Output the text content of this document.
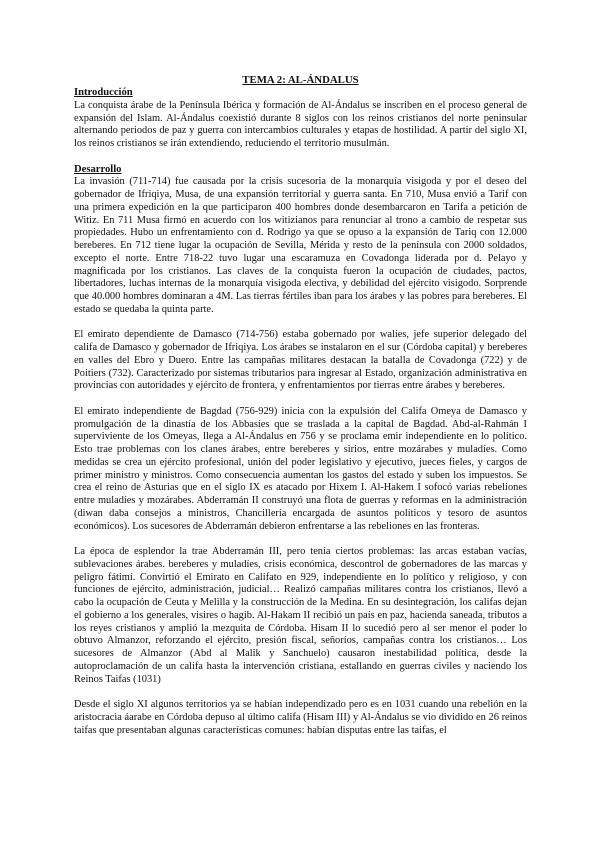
TEMA 2: AL-ÁNDALUS

Introducción

La conquista árabe de la Península Ibérica y formación de Al-Ándalus se inscriben en el proceso general de expansión del Islam. Al-Ándalus coexistió durante 8 siglos con los reinos cristianos del norte peninsular alternando periodos de paz y guerra con intercambios culturales y etapas de hostilidad. A partir del siglo XI, los reinos cristianos se irán extendiendo, reduciendo el territorio musulmán.

Desarrollo

La invasión (711-714) fue causada por la crisis sucesoria de la monarquía visigoda y por el deseo del gobernador de Ifriqiya, Musa, de una expansión territorial y guerra santa. En 710, Musa envió a Tarif con una primera expedición en la que participaron 400 hombres donde desembarcaron en Tarifa a petición de Witiz. En 711 Musa firmó en acuerdo con los witizianos para renunciar al trono a cambio de respetar sus propiedades. Hubo un enfrentamiento con d. Rodrigo ya que se opuso a la expansión de Tariq con 12.000 bereberes. En 712 tiene lugar la ocupación de Sevilla, Mérida y resto de la península con 2000 soldados, excepto el norte. Entre 718-22 tuvo lugar una escaramuza en Covadonga liderada por d. Pelayo y magnificada por los cristianos. Las claves de la conquista fueron la ocupación de ciudades, pactos, libertadores, luchas internas de la monarquía visigoda electiva, y debilidad del ejército visigodo. Sorprende que 40.000 hombres dominaran a 4M. Las tierras fértiles iban para los árabes y las pobres para bereberes. El estado se quedaba la quinta parte.

El emirato dependiente de Damasco (714-756) estaba gobernado por walíes, jefe superior delegado del califa de Damasco y gobernador de Ifriqiya. Los árabes se instalaron en el sur (Córdoba capital) y bereberes en valles del Ebro y Duero. Entre las campañas militares destacan la batalla de Covadonga (722) y de Poitiers (732). Caracterizado por sistemas tributarios para ingresar al Estado, organización administrativa en provincias con autoridades y ejército de frontera, y enfrentamientos por tierras entre árabes y bereberes.

El emirato independiente de Bagdad (756-929) inicia con la expulsión del Califa Omeya de Damasco y promulgación de la dinastía de los Abbasíes que se traslada a la capital de Bagdad. Abd-al-Rahmán I superviviente de los Omeyas, llega a Al-Ándalus en 756 y se proclama emir independiente en lo político. Esto trae problemas con los clanes árabes, entre bereberes y sirios, entre mozárabes y muladíes. Como medidas se crea un ejército profesional, unión del poder legislativo y ejecutivo, jueces fieles, y cargos de primer ministro y ministros. Como consecuencia aumentan los gastos del estado y suben los impuestos. Se crea el reino de Asturias que en el siglo IX es atacado por Hixem I. Al-Hakem I sofocó varias rebeliones entre muladíes y mozárabes. Abderramán II construyó una flota de guerras y reformas en la administración (diwan daba consejos a ministros, Chancillería encargada de asuntos políticos y tesoro de asuntos económicos). Los sucesores de Abderramán debieron enfrentarse a las rebeliones en las fronteras.

La época de esplendor la trae Abderramán III, pero tenía ciertos problemas: las arcas estaban vacías, sublevaciones árabes. bereberes y muladíes, crisis económica, descontrol de gobernadores de las marcas y peligro fátimí. Convirtió el Emirato en Califato en 929, independiente en lo político y religioso, y con funciones de ejército, administración, judicial… Realizó campañas militares contra los cristianos, llevó a cabo la ocupación de Ceuta y Melilla y la construcción de la Medina. En su desintegración, los califas dejan el gobierno a los generales, visires o hagib. Al-Hakam II recibió un país en paz, hacienda saneada, tributos a los reyes cristianos y amplió la mezquita de Córdoba. Hisam II lo sucedió pero al ser menor el poder lo obtuvo Almanzor, reforzando el ejército, presión fiscal, señoríos, campañas contra los cristianos… Los sucesores de Almanzor (Abd al Malik y Sanchuelo) causaron inestabilidad política, desde la autoproclamación de un califa hasta la intervención cristiana, estallando en guerras civiles y naciendo los Reinos Taifas (1031)

Desde el siglo XI algunos territorios ya se habían independizado pero es en 1031 cuando una rebelión en la aristocracia áarabe en Córdoba depuso al último califa (Hisam III) y Al-Ándalus se vio dividido en 26 reinos taifas que presentaban algunas características comunes: habían disputas entre las taifas, el
